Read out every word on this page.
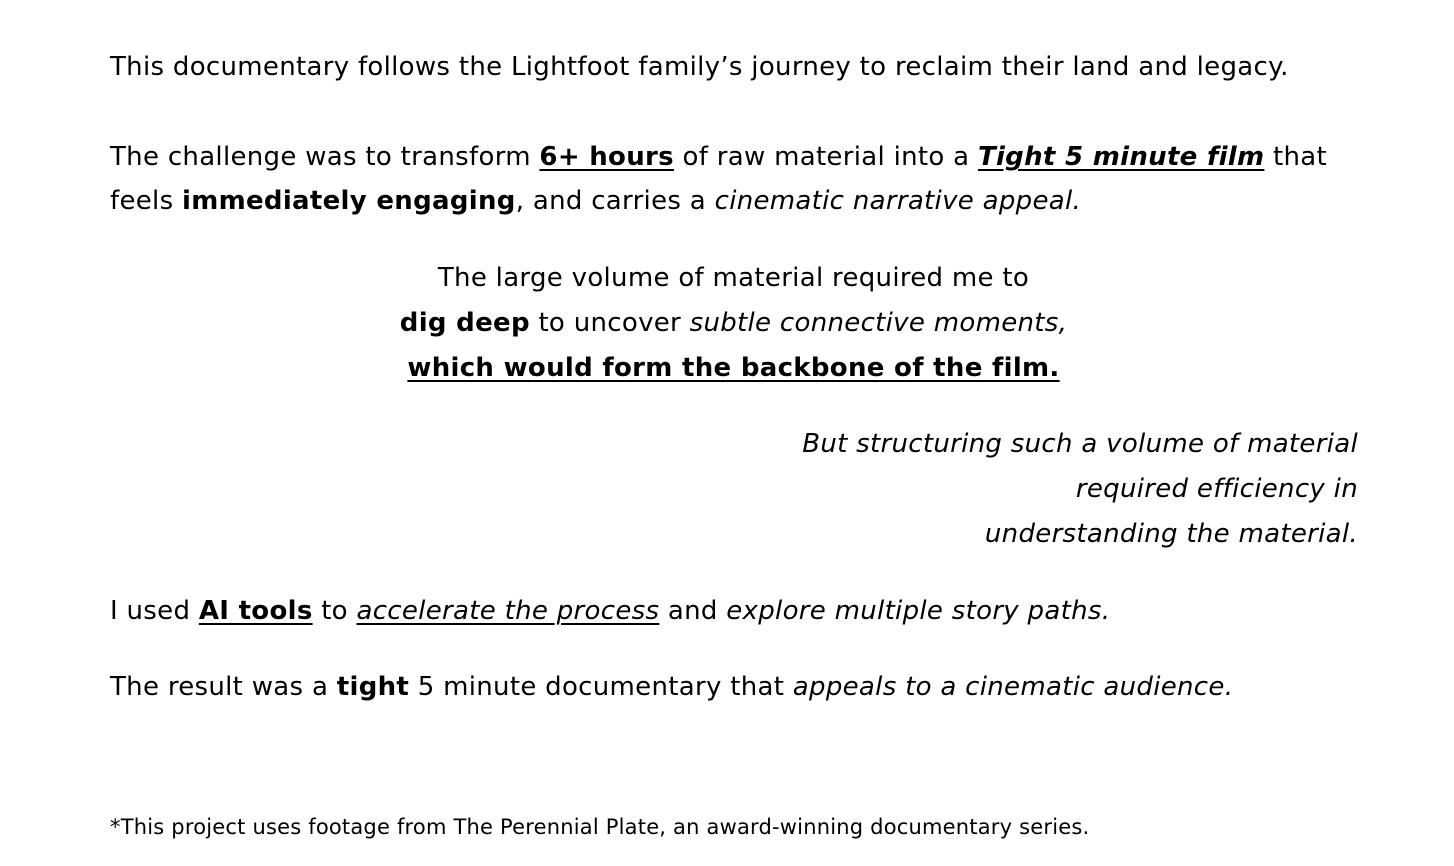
This documentary follows the Lightfoot family’s journey to reclaim their land and legacy.
The challenge was to transform 6+ hours of raw material into a Tight 5 minute film that
feels immediately engaging, and carries a cinematic narrative appeal.
The large volume of material required me to
dig deep to uncover subtle connective moments,
which would form the backbone of the film.
But structuring such a volume of material
required efficiency in
understanding the material.
I used AI tools to accelerate the process and explore multiple story paths.
The result was a tight 5 minute documentary that appeals to a cinematic audience.
*This project uses footage from The Perennial Plate, an award-winning documentary series.
